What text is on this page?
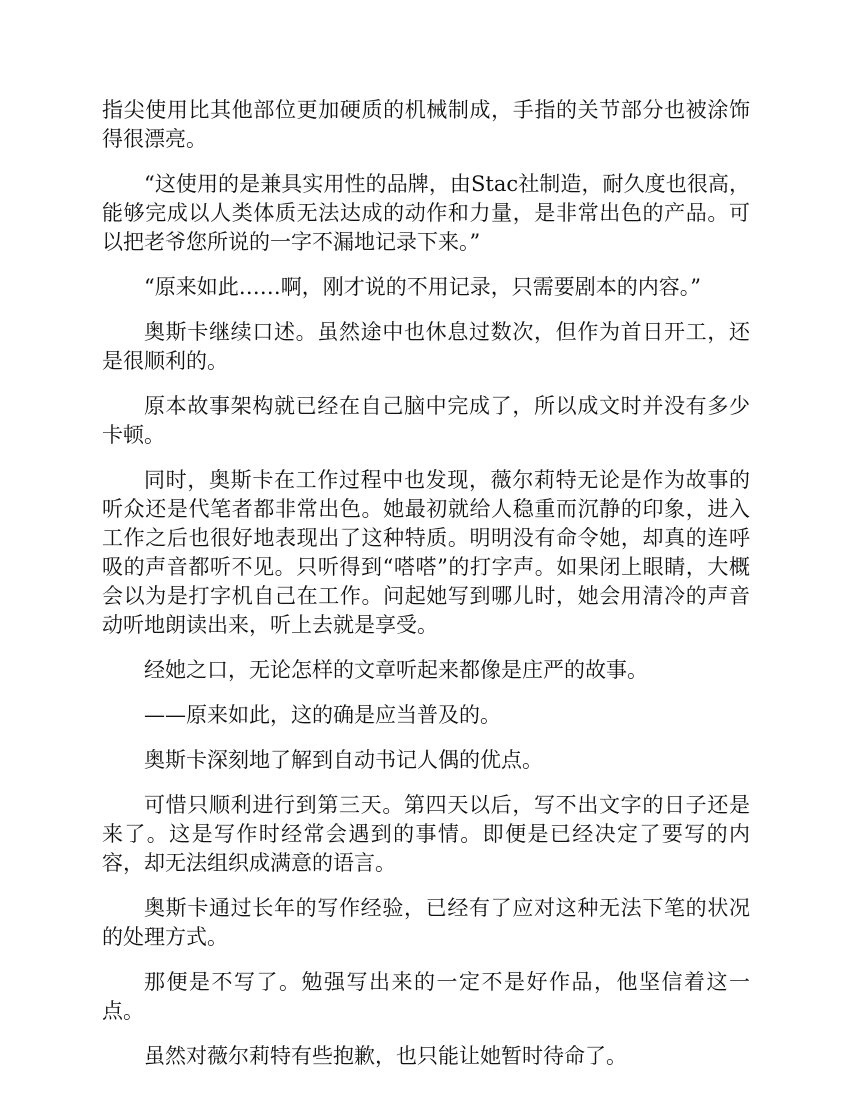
指尖使用比其他部位更加硬质的机械制成，手指的关节部分也被涂饰得很漂亮。

“这使用的是兼具实用性的品牌，由Stac社制造，耐久度也很高，能够完成以人类体质无法达成的动作和力量，是非常出色的产品。可以把老爷您所说的一字不漏地记录下来。”

“原来如此……啊，刚才说的不用记录，只需要剧本的内容。”

奥斯卡继续口述。虽然途中也休息过数次，但作为首日开工，还是很顺利的。

原本故事架构就已经在自己脑中完成了，所以成文时并没有多少卡顿。

同时，奥斯卡在工作过程中也发现，薇尔莉特无论是作为故事的听众还是代笔者都非常出色。她最初就给人稳重而沉静的印象，进入工作之后也很好地表现出了这种特质。明明没有命令她，却真的连呼吸的声音都听不见。只听得到“嗒嗒”的打字声。如果闭上眼睛，大概会以为是打字机自己在工作。问起她写到哪儿时，她会用清冷的声音动听地朗读出来，听上去就是享受。

经她之口，无论怎样的文章听起来都像是庄严的故事。

——原来如此，这的确是应当普及的。

奥斯卡深刻地了解到自动书记人偶的优点。

可惜只顺利进行到第三天。第四天以后，写不出文字的日子还是来了。这是写作时经常会遇到的事情。即便是已经决定了要写的内容，却无法组织成满意的语言。

奥斯卡通过长年的写作经验，已经有了应对这种无法下笔的状况的处理方式。

那便是不写了。勉强写出来的一定不是好作品，他坚信着这一点。

虽然对薇尔莉特有些抱歉，也只能让她暂时待命了。
